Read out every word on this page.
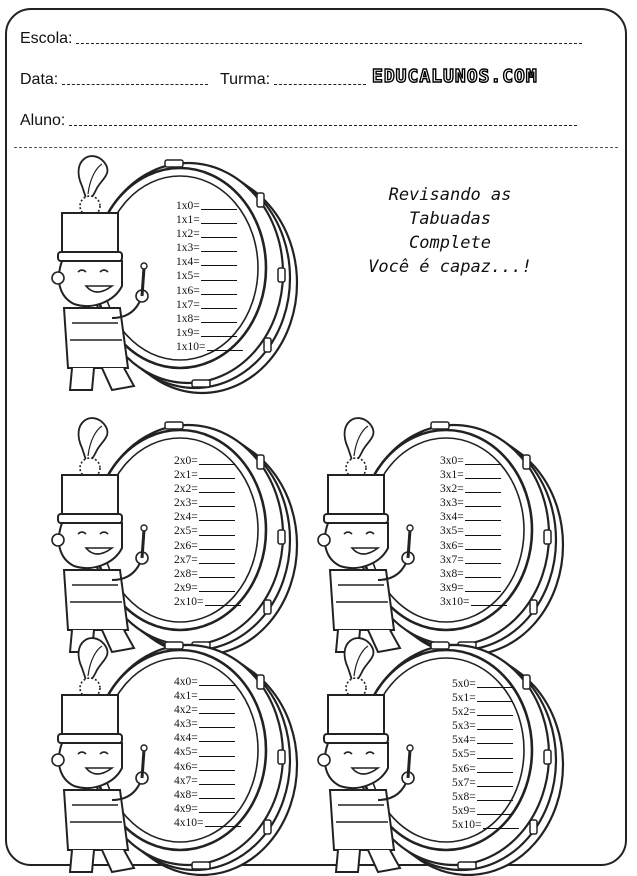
Escola:
Data:	Turma:
Aluno:
EDUCALUNOS.COM
Revisando as
Tabuadas
Complete
Você é capaz...!
1x0=
1x1=
1x2=
1x3=
1x4=
1x5=
1x6=
1x7=
1x8=
1x9=
1x10=
2x0=
2x1=
2x2=
2x3=
2x4=
2x5=
2x6=
2x7=
2x8=
2x9=
2x10=
3x0=
3x1=
3x2=
3x3=
3x4=
3x5=
3x6=
3x7=
3x8=
3x9=
3x10=
4x0=
4x1=
4x2=
4x3=
4x4=
4x5=
4x6=
4x7=
4x8=
4x9=
4x10=
5x0=
5x1=
5x2=
5x3=
5x4=
5x5=
5x6=
5x7=
5x8=
5x9=
5x10=
